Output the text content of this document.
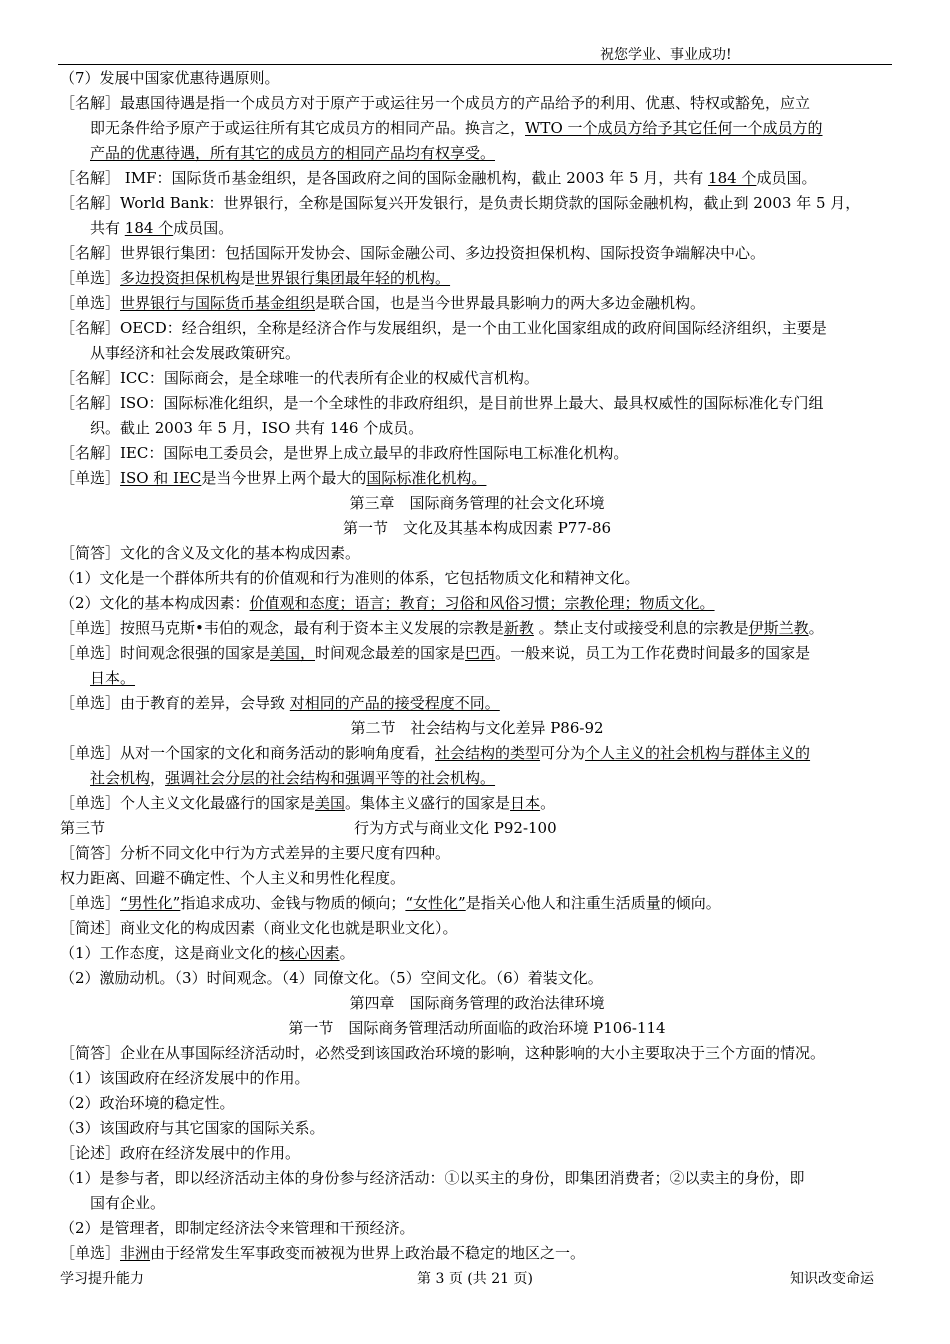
祝您学业、事业成功!
（7）发展中国家优惠待遇原则。
［名解］最惠国待遇是指一个成员方对于原产于或运往另一个成员方的产品给予的利用、优惠、特权或豁免，应立
即无条件给予原产于或运往所有其它成员方的相同产品。换言之，WTO 一个成员方给予其它任何一个成员方的
产品的优惠待遇，所有其它的成员方的相同产品均有权享受。
［名解］ IMF：国际货币基金组织，是各国政府之间的国际金融机构，截止 2003 年 5 月，共有 184 个成员国。
［名解］World Bank：世界银行，全称是国际复兴开发银行，是负责长期贷款的国际金融机构，截止到 2003 年 5 月，
共有 184 个成员国。
［名解］世界银行集团：包括国际开发协会、国际金融公司、多边投资担保机构、国际投资争端解决中心。
［单选］多边投资担保机构是世界银行集团最年轻的机构。
［单选］世界银行与国际货币基金组织是联合国，也是当今世界最具影响力的两大多边金融机构。
［名解］OECD：经合组织，全称是经济合作与发展组织，是一个由工业化国家组成的政府间国际经济组织，主要是
从事经济和社会发展政策研究。
［名解］ICC：国际商会，是全球唯一的代表所有企业的权威代言机构。
［名解］ISO：国际标准化组织，是一个全球性的非政府组织，是目前世界上最大、最具权威性的国际标准化专门组
织。截止 2003 年 5 月，ISO 共有 146 个成员。
［名解］IEC：国际电工委员会，是世界上成立最早的非政府性国际电工标准化机构。
［单选］ISO 和 IEC是当今世界上两个最大的国际标准化机构。
第三章　国际商务管理的社会文化环境
第一节　文化及其基本构成因素 P77-86
［简答］文化的含义及文化的基本构成因素。
（1）文化是一个群体所共有的价值观和行为准则的体系，它包括物质文化和精神文化。
（2）文化的基本构成因素：价值观和态度；语言；教育；习俗和风俗习惯；宗教伦理；物质文化。
［单选］按照马克斯•韦伯的观念，最有利于资本主义发展的宗教是新教 。禁止支付或接受利息的宗教是伊斯兰教。
［单选］时间观念很强的国家是美国，时间观念最差的国家是巴西。一般来说，员工为工作花费时间最多的国家是
日本。
［单选］由于教育的差异，会导致 对相同的产品的接受程度不同。
第二节　社会结构与文化差异 P86-92
［单选］从对一个国家的文化和商务活动的影响角度看，社会结构的类型可分为个人主义的社会机构与群体主义的
社会机构，强调社会分层的社会结构和强调平等的社会机构。
［单选］个人主义文化最盛行的国家是美国。集体主义盛行的国家是日本。
第三节	行为方式与商业文化 P92-100
［简答］分析不同文化中行为方式差异的主要尺度有四种。
权力距离、回避不确定性、个人主义和男性化程度。
［单选］“男性化”指追求成功、金钱与物质的倾向；“女性化”是指关心他人和注重生活质量的倾向。
［简述］商业文化的构成因素（商业文化也就是职业文化）。
（1）工作态度，这是商业文化的核心因素。
（2）激励动机。（3）时间观念。（4）同僚文化。（5）空间文化。（6）着装文化。
第四章　国际商务管理的政治法律环境
第一节　国际商务管理活动所面临的政治环境 P106-114
［简答］企业在从事国际经济活动时，必然受到该国政治环境的影响，这种影响的大小主要取决于三个方面的情况。
（1）该国政府在经济发展中的作用。
（2）政治环境的稳定性。
（3）该国政府与其它国家的国际关系。
［论述］政府在经济发展中的作用。
（1）是参与者，即以经济活动主体的身份参与经济活动：①以买主的身份，即集团消费者；②以卖主的身份，即
国有企业。
（2）是管理者，即制定经济法令来管理和干预经济。
［单选］非洲由于经常发生军事政变而被视为世界上政治最不稳定的地区之一。
学习提升能力	第 3 页 (共 21 页)	知识改变命运
